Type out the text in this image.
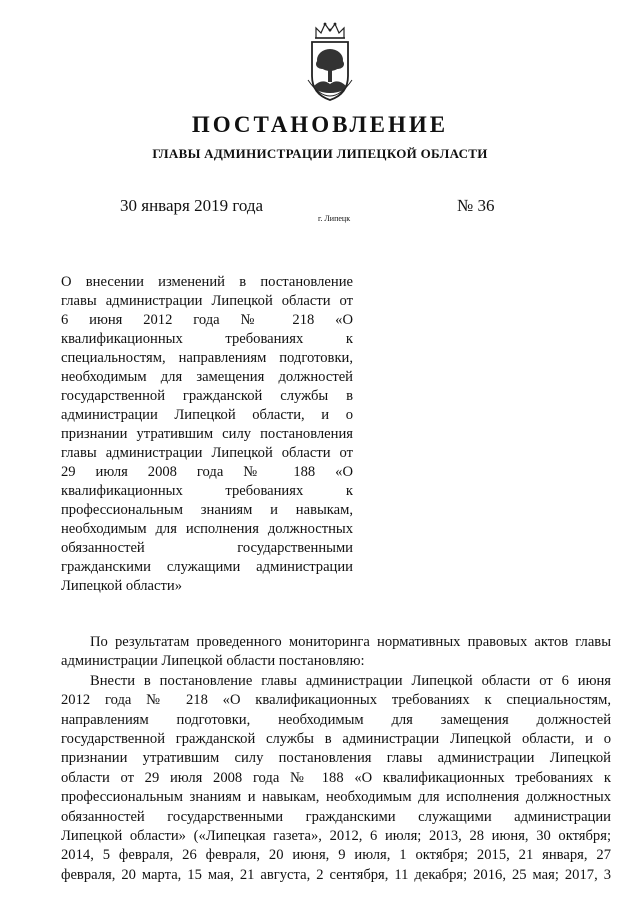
ПОСТАНОВЛЕНИЕ
ГЛАВЫ АДМИНИСТРАЦИИ ЛИПЕЦКОЙ ОБЛАСТИ
30 января 2019 года
г. Липецк
№ 36
О внесении изменений в постановление
главы администрации Липецкой области от
6 июня 2012 года № 218 «О
квалификационных требованиях к
специальностям, направлениям подготовки,
необходимым для замещения должностей
государственной гражданской службы в
администрации Липецкой области, и о
признании утратившим силу постановления
главы администрации Липецкой области от
29 июля 2008 года № 188 «О
квалификационных требованиях к
профессиональным знаниям и навыкам,
необходимым для исполнения должностных
обязанностей государственными
гражданскими служащими администрации
Липецкой области»
По результатам проведенного мониторинга нормативных правовых актов главы
администрации Липецкой области постановляю:
Внести в постановление главы администрации Липецкой области от 6 июня
2012 года № 218 «О квалификационных требованиях к специальностям,
направлениям подготовки, необходимым для замещения должностей
государственной гражданской службы в администрации Липецкой области, и о
признании утратившим силу постановления главы администрации Липецкой
области от 29 июля 2008 года № 188 «О квалификационных требованиях к
профессиональным знаниям и навыкам, необходимым для исполнения должностных
обязанностей государственными гражданскими служащими администрации
Липецкой области» («Липецкая газета», 2012, 6 июля; 2013, 28 июня, 30 октября;
2014, 5 февраля, 26 февраля, 20 июня, 9 июля, 1 октября; 2015, 21 января, 27
февраля, 20 марта, 15 мая, 21 августа, 2 сентября, 11 декабря; 2016, 25 мая; 2017, 3
